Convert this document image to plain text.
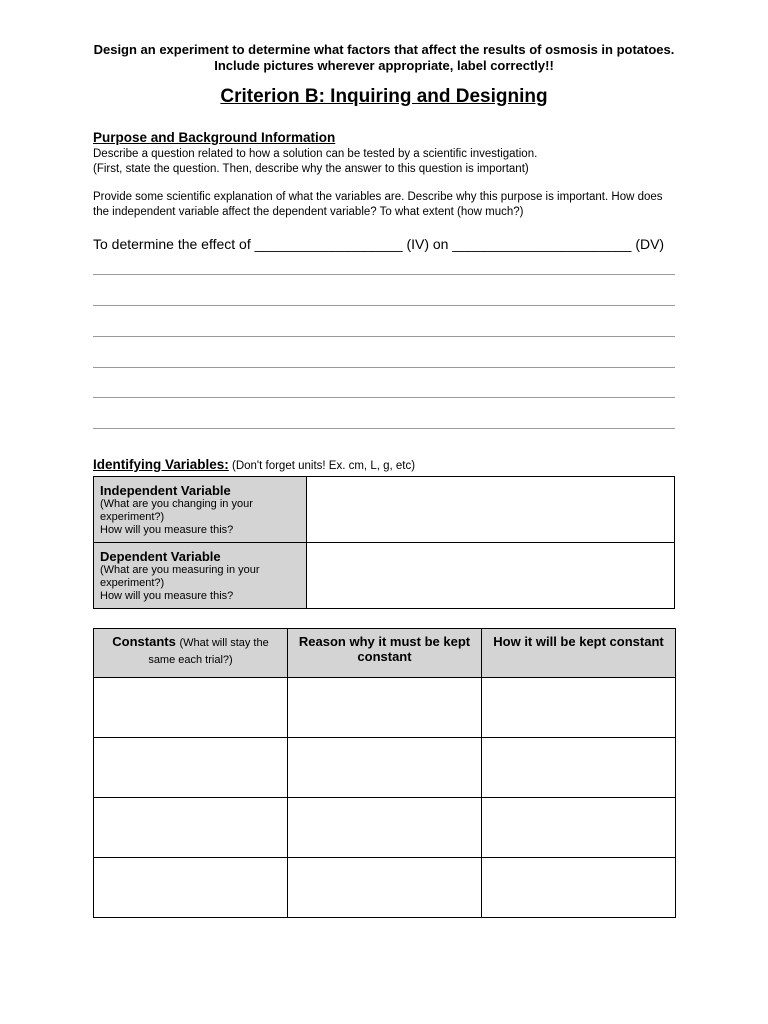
Design an experiment to determine what factors that affect the results of osmosis in potatoes.
Include pictures wherever appropriate, label correctly!!
Criterion B: Inquiring and Designing
Purpose and Background Information
Describe a question related to how a solution can be tested by a scientific investigation.
(First, state the question. Then, describe why the answer to this question is important)
Provide some scientific explanation of what the variables are. Describe why this purpose is important. How does
the independent variable affect the dependent variable? To what extent (how much?)
To determine the effect of ___________________ (IV) on _______________________ (DV)
Identifying Variables: (Don't forget units! Ex. cm, L, g, etc)
Independent Variable
(What are you changing in your
experiment?)
How will you measure this?	

Dependent Variable
(What are you measuring in your
experiment?)
How will you measure this?	

Constants (What will stay the same each trial?)	Reason why it must be kept constant	How it will be kept constant
